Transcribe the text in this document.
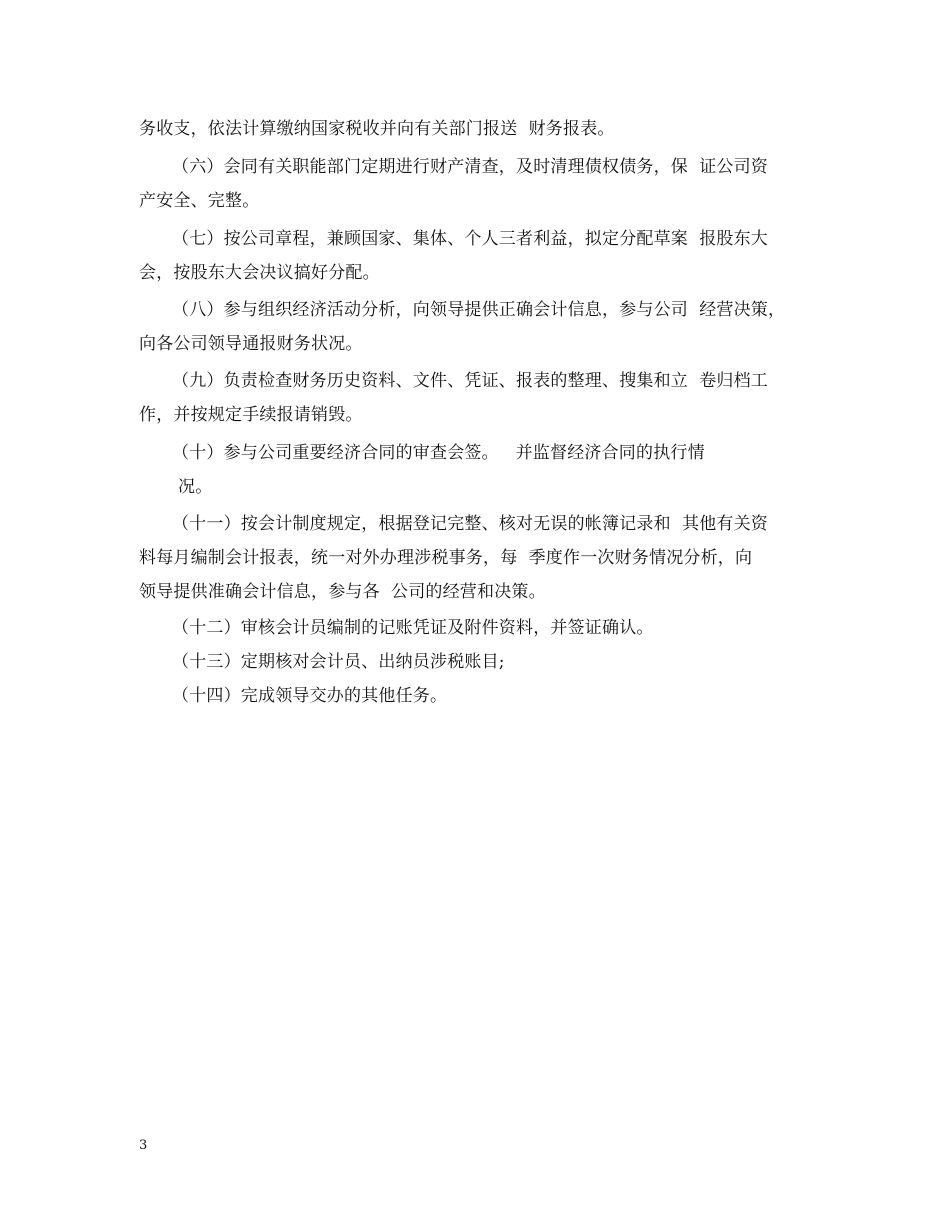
务收支，依法计算缴纳国家税收并向有关部门报送  财务报表。
（六）会同有关职能部门定期进行财产清查，及时清理债权债务，保  证公司资
产安全、完整。
（七）按公司章程，兼顾国家、集体、个人三者利益，拟定分配草案  报股东大
会，按股东大会决议搞好分配。
（八）参与组织经济活动分析，向领导提供正确会计信息，参与公司  经营决策，
向各公司领导通报财务状况。
（九）负责检查财务历史资料、文件、凭证、报表的整理、搜集和立  卷归档工
作，并按规定手续报请销毁。
（十）参与公司重要经济合同的审查会签。   并监督经济合同的执行情
况。
（十一）按会计制度规定，根据登记完整、核对无误的帐簿记录和  其他有关资
料每月编制会计报表，统一对外办理涉税事务，每  季度作一次财务情况分析，向
领导提供准确会计信息，参与各  公司的经营和决策。
（十二）审核会计员编制的记账凭证及附件资料，并签证确认。
（十三）定期核对会计员、出纳员涉税账目;
（十四）完成领导交办的其他任务。
3
